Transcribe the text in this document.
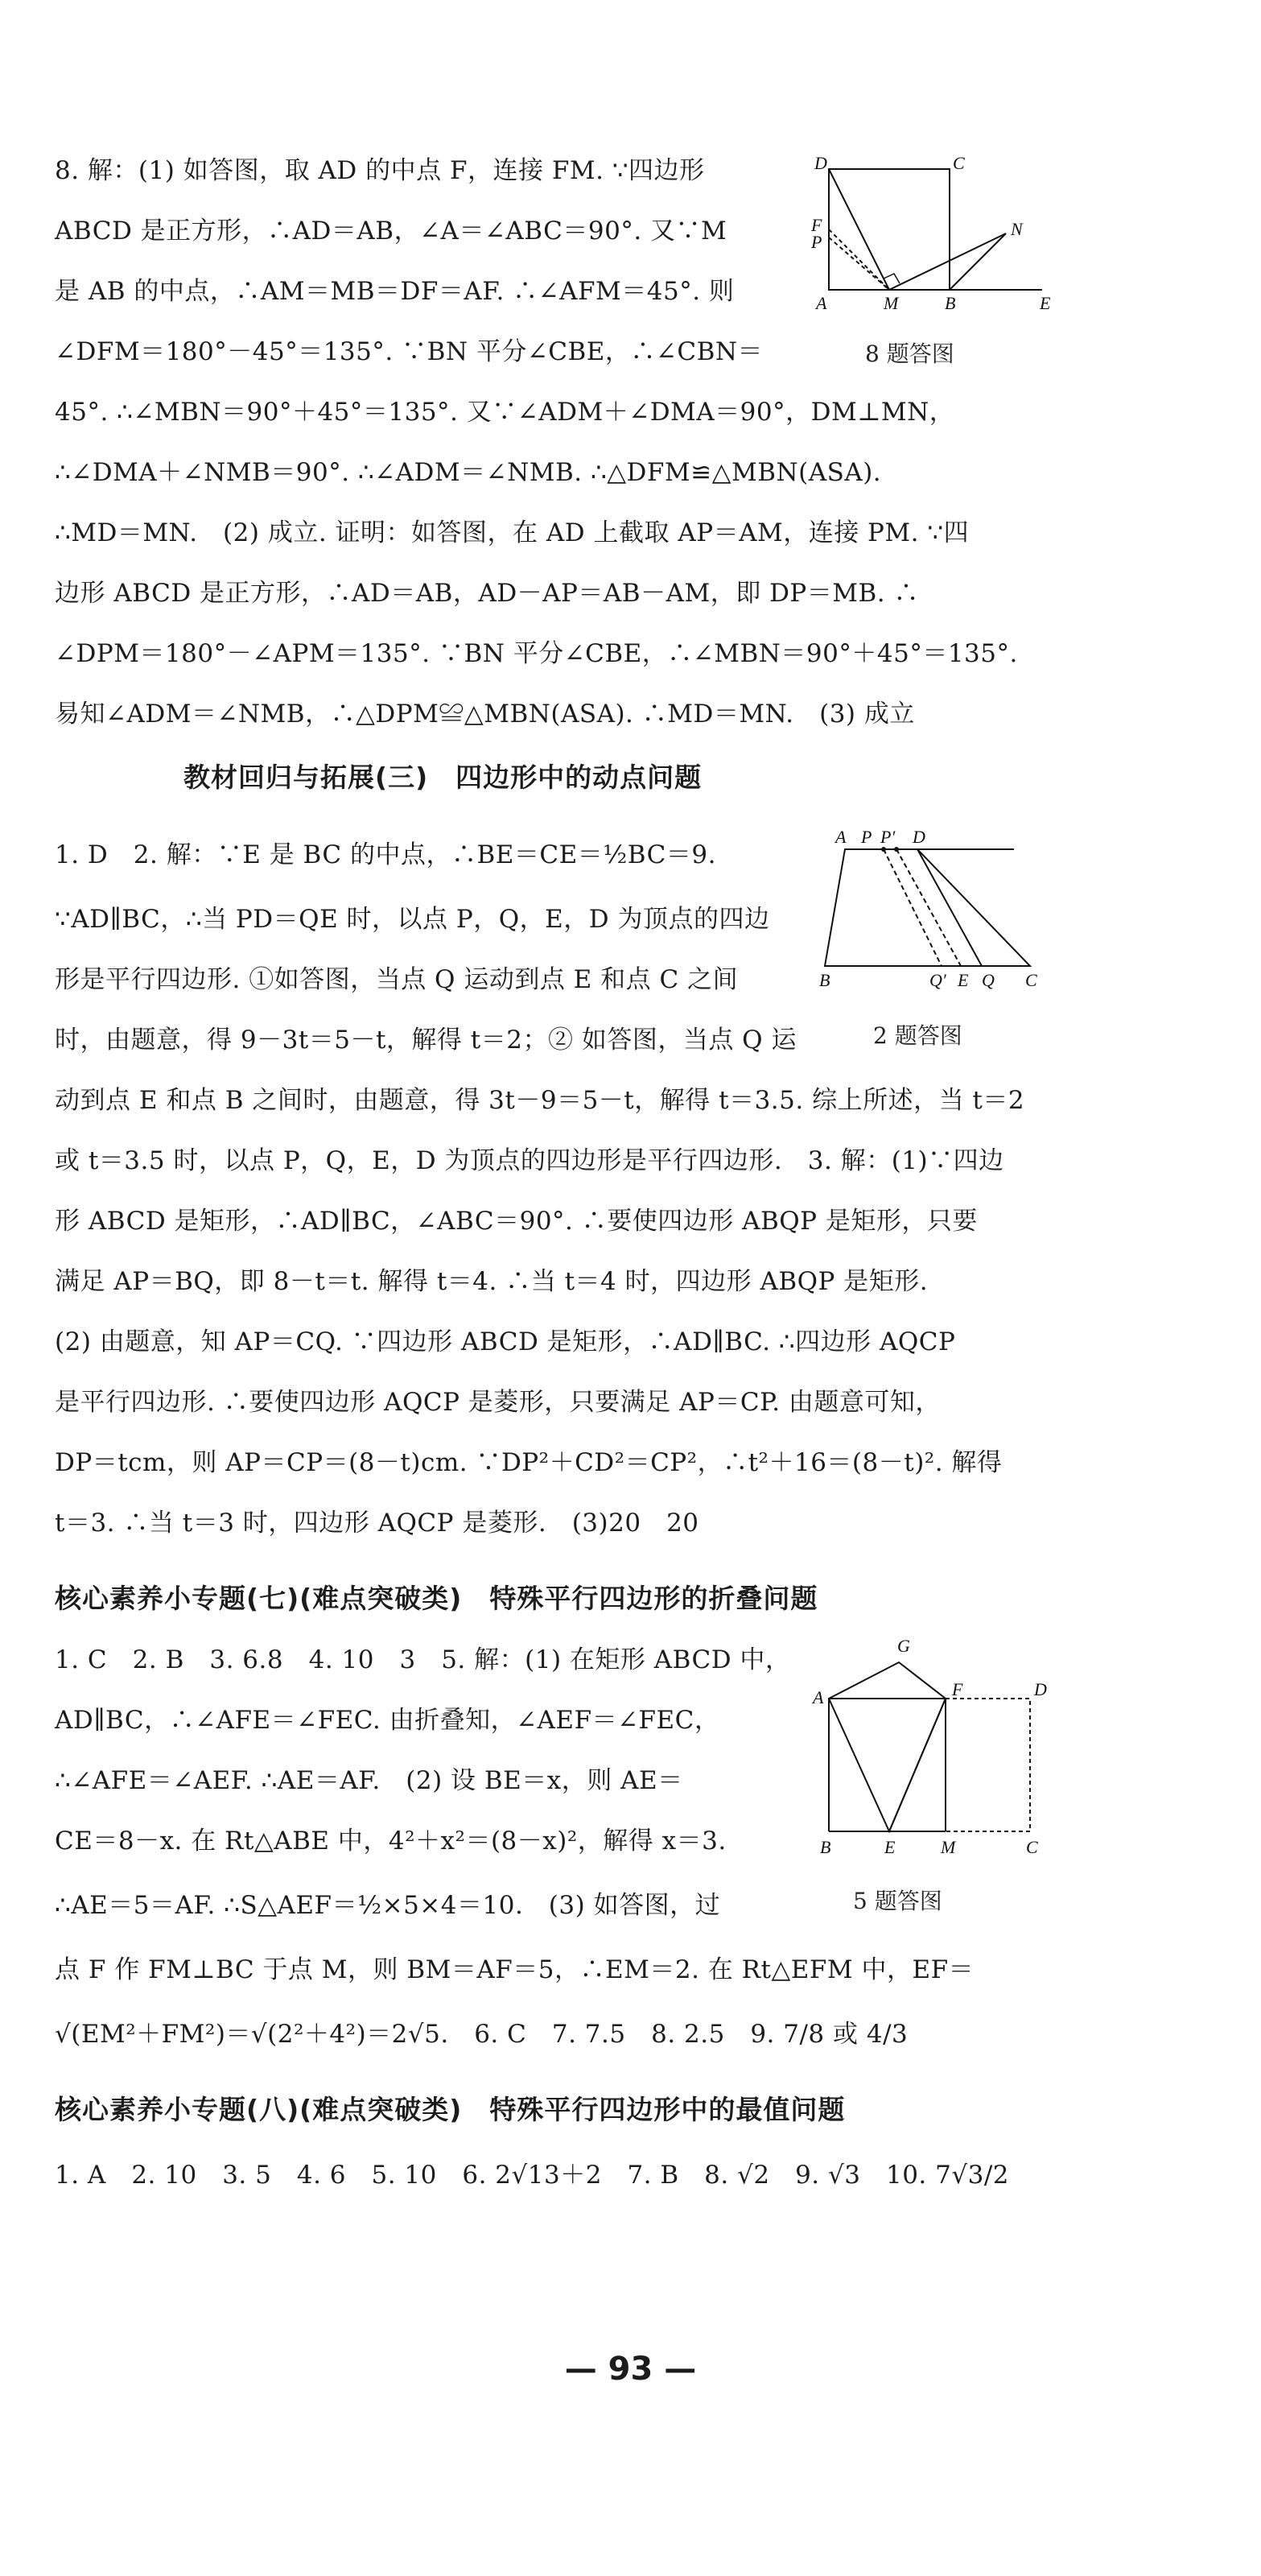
8. 解：(1) 如答图，取 AD 的中点 F，连接 FM. ∵四边形
ABCD 是正方形，∴AD＝AB，∠A＝∠ABC＝90°. 又∵M
是 AB 的中点，∴AM＝MB＝DF＝AF. ∴∠AFM＝45°. 则
∠DFM＝180°－45°＝135°. ∵BN 平分∠CBE，∴∠CBN＝
45°. ∴∠MBN＝90°＋45°＝135°. 又∵∠ADM＋∠DMA＝90°，DM⊥MN，
∴∠DMA＋∠NMB＝90°. ∴∠ADM＝∠NMB. ∴△DFM≌△MBN(ASA).
∴MD＝MN.　(2) 成立. 证明：如答图，在 AD 上截取 AP＝AM，连接 PM. ∵四
边形 ABCD 是正方形，∴AD＝AB，AD－AP＝AB－AM，即 DP＝MB. ∴
∠DPM＝180°－∠APM＝135°. ∵BN 平分∠CBE，∴∠MBN＝90°＋45°＝135°.
易知∠ADM＝∠NMB，∴△DPM≌△MBN(ASA). ∴MD＝MN.　(3) 成立
D	C
F
P
N
A	M	B	E
8 题答图
教材回归与拓展(三)　四边形中的动点问题
1. D　2. 解：∵E 是 BC 的中点，∴BE＝CE＝½BC＝9.
∵AD∥BC，∴当 PD＝QE 时，以点 P，Q，E，D 为顶点的四边
形是平行四边形. ①如答图，当点 Q 运动到点 E 和点 C 之间
时，由题意，得 9－3t＝5－t，解得 t＝2；② 如答图，当点 Q 运
动到点 E 和点 B 之间时，由题意，得 3t－9＝5－t，解得 t＝3.5. 综上所述，当 t＝2
或 t＝3.5 时，以点 P，Q，E，D 为顶点的四边形是平行四边形.　3. 解：(1)∵四边
形 ABCD 是矩形，∴AD∥BC，∠ABC＝90°. ∴要使四边形 ABQP 是矩形，只要
满足 AP＝BQ，即 8－t＝t. 解得 t＝4. ∴当 t＝4 时，四边形 ABQP 是矩形.
(2) 由题意，知 AP＝CQ. ∵四边形 ABCD 是矩形，∴AD∥BC. ∴四边形 AQCP
是平行四边形. ∴要使四边形 AQCP 是菱形，只要满足 AP＝CP. 由题意可知，
DP＝tcm，则 AP＝CP＝(8－t)cm. ∵DP²＋CD²＝CP²，∴t²＋16＝(8－t)². 解得
t＝3. ∴当 t＝3 时，四边形 AQCP 是菱形.　(3)20　20
A P P′ D
B	Q′ E Q C
2 题答图
核心素养小专题(七)(难点突破类)　特殊平行四边形的折叠问题
1. C　2. B　3. 6.8　4. 10　3　5. 解：(1) 在矩形 ABCD 中，
AD∥BC，∴∠AFE＝∠FEC. 由折叠知，∠AEF＝∠FEC，
∴∠AFE＝∠AEF. ∴AE＝AF.　(2) 设 BE＝x，则 AE＝
CE＝8－x. 在 Rt△ABE 中，4²＋x²＝(8－x)²，解得 x＝3.
∴AE＝5＝AF. ∴S△AEF＝½×5×4＝10.　(3) 如答图，过
点 F 作 FM⊥BC 于点 M，则 BM＝AF＝5，∴EM＝2. 在 Rt△EFM 中，EF＝
√(EM²＋FM²)＝√(2²＋4²)＝2√5.　6. C　7. 7.5　8. 2.5　9. 7/8 或 4/3
G
A	F	D
B	E	M	C
5 题答图
核心素养小专题(八)(难点突破类)　特殊平行四边形中的最值问题
1. A　2. 10　3. 5　4. 6　5. 10　6. 2√13＋2　7. B　8. √2　9. √3　10. 7√3/2
— 93 —
